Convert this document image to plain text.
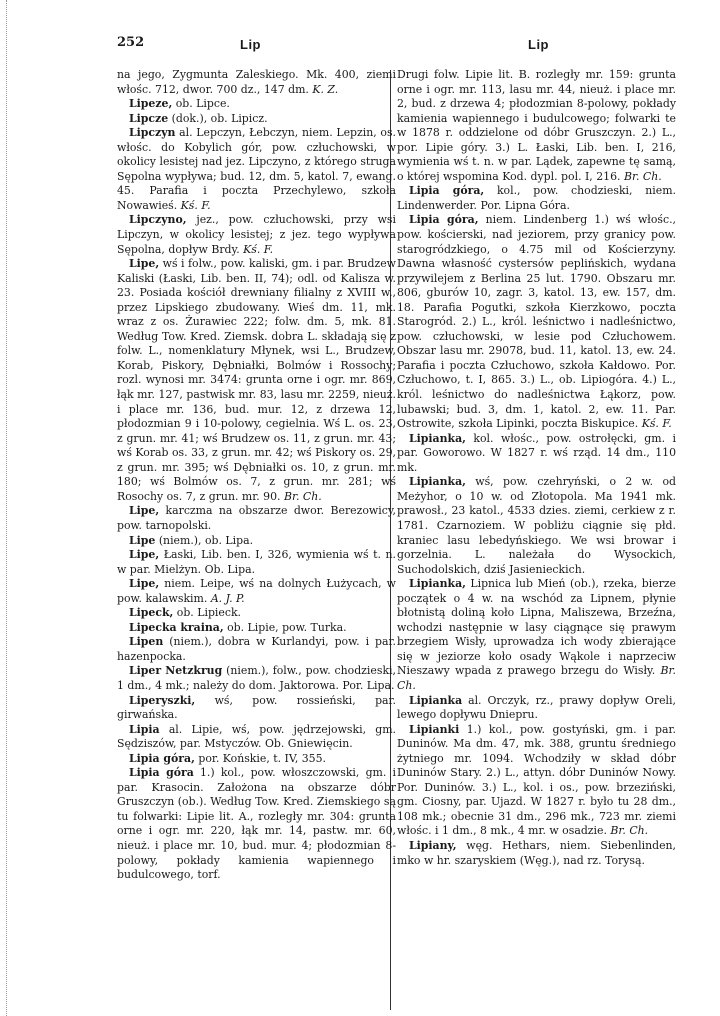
252	Lip	Lip

na jego, Zygmunta Zaleskiego. Mk. 400, ziemi włośc. 712, dwor. 700 dz., 147 dm. K. Z.

Lipeze, ob. Lipce.

Lipcze (dok.), ob. Lipicz.

Lipczyn al. Lepczyn, Łebczyn, niem. Lepzin, os. włośc. do Kobylich gór, pow. człuchowski, w okolicy lesistej nad jez. Lipczyno, z którego struga Sępolna wypływa; bud. 12, dm. 5, katol. 7, ewang. 45. Parafia i poczta Przechylewo, szkoła Nowawieś. Kś. F.

Lipczyno, jez., pow. człuchowski, przy wsi Lipczyn, w okolicy lesistej; z jez. tego wypływa Sępolna, dopływ Brdy. Kś. F.

Lipe, wś i folw., pow. kaliski, gm. i par. Brudzew Kaliski (Łaski, Lib. ben. II, 74); odl. od Kalisza w. 23. Posiada kościół drewniany filialny z XVIII w., przez Lipskiego zbudowany. Wieś dm. 11, mk. wraz z os. Żurawiec 222; folw. dm. 5, mk. 81. Według Tow. Kred. Ziemsk. dobra L. składają się z folw. L., nomenklatury Młynek, wsi L., Brudzew, Korab, Piskory, Dębniałki, Bolmów i Rossochy; rozl. wynosi mr. 3474: grunta orne i ogr. mr. 869, łąk mr. 127, pastwisk mr. 83, lasu mr. 2259, nieuż. i place mr. 136, bud. mur. 12, z drzewa 12, płodozmian 9 i 10-polowy, cegielnia. Wś L. os. 23, z grun. mr. 41; wś Brudzew os. 11, z grun. mr. 43; wś Korab os. 33, z grun. mr. 42; wś Piskory os. 29, z grun. mr. 395; wś Dębniałki os. 10, z grun. mr. 180; wś Bolmów os. 7, z grun. mr. 281; wś Rosochy os. 7, z grun. mr. 90. Br. Ch.

Lipe, karczma na obszarze dwor. Berezowicy, pow. tarnopolski.

Lipe (niem.), ob. Lipa.

Lipe, Łaski, Lib. ben. I, 326, wymienia wś t. n. w par. Mielżyn. Ob. Lipa.

Lipe, niem. Leipe, wś na dolnych Łużycach, w pow. kalawskim. A. J. P.

Lipeck, ob. Lipieck.

Lipecka kraina, ob. Lipie, pow. Turka.

Lipen (niem.), dobra w Kurlandyi, pow. i par. hazenpocka.

Liper Netzkrug (niem.), folw., pow. chodzieski, 1 dm., 4 mk.; należy do dom. Jaktorowa. Por. Lipa.

Liperyszki, wś, pow. rossieński, par. girwańska.

Lipia al. Lipie, wś, pow. jędrzejowski, gm. Sędziszów, par. Mstyczów. Ob. Gniewięcin.

Lipia góra, por. Końskie, t. IV, 355.

Lipia góra 1.) kol., pow. włoszczowski, gm. i par. Krasocin. Założona na obszarze dóbr Gruszczyn (ob.). Według Tow. Kred. Ziemskiego są tu folwarki: Lipie lit. A., rozległy mr. 304: grunta orne i ogr. mr. 220, łąk mr. 14, pastw. mr. 60, nieuż. i place mr. 10, bud. mur. 4; płodozmian 8-polowy, pokłady kamienia wapiennego i budulcowego, torf.

Drugi folw. Lipie lit. B. rozległy mr. 159: grunta orne i ogr. mr. 113, lasu mr. 44, nieuż. i place mr. 2, bud. z drzewa 4; płodozmian 8-polowy, pokłady kamienia wapiennego i budulcowego; folwarki te w 1878 r. oddzielone od dóbr Gruszczyn. 2.) L., por. Lipie góry. 3.) L. Łaski, Lib. ben. I, 216, wymienia wś t. n. w par. Lądek, zapewne tę samą, o której wspomina Kod. dypl. pol. I, 216. Br. Ch.

Lipia góra, kol., pow. chodzieski, niem. Lindenwerder. Por. Lipna Góra.

Lipia góra, niem. Lindenberg 1.) wś włośc., pow. kościerski, nad jeziorem, przy granicy pow. starogródzkiego, o 4.75 mil od Kościerzyny. Dawna własność cystersów peplińskich, wydana przywilejem z Berlina 25 lut. 1790. Obszaru mr. 806, gburów 10, zagr. 3, katol. 13, ew. 157, dm. 18. Parafia Pogutki, szkoła Kierzkowo, poczta Starogród. 2.) L., król. leśnictwo i nadleśnictwo, pow. człuchowski, w lesie pod Człuchowem. Obszar lasu mr. 29078, bud. 11, katol. 13, ew. 24. Parafia i poczta Człuchowo, szkoła Kałdowo. Por. Człuchowo, t. I, 865. 3.) L., ob. Lipiogóra. 4.) L., król. leśnictwo do nadleśnictwa Łąkorz, pow. lubawski; bud. 3, dm. 1, katol. 2, ew. 11. Par. Ostrowite, szkoła Lipinki, poczta Biskupice. Kś. F.

Lipianka, kol. włośc., pow. ostrołęcki, gm. i par. Goworowo. W 1827 r. wś rząd. 14 dm., 110 mk.

Lipianka, wś, pow. czehryński, o 2 w. od Meżyhor, o 10 w. od Złotopola. Ma 1941 mk. prawosł., 23 katol., 4533 dzies. ziemi, cerkiew z r. 1781. Czarnoziem. W pobliżu ciągnie się płd. kraniec lasu lebedyńskiego. We wsi browar i gorzelnia. L. należała do Wysockich, Suchodolskich, dziś Jasienieckich.

Lipianka, Lipnica lub Mień (ob.), rzeka, bierze początek o 4 w. na wschód za Lipnem, płynie błotnistą doliną koło Lipna, Maliszewa, Brzeźna, wchodzi następnie w lasy ciągnące się prawym brzegiem Wisły, uprowadza ich wody zbierające się w jeziorze koło osady Wąkole i naprzeciw Nieszawy wpada z prawego brzegu do Wisły. Br. Ch.

Lipianka al. Orczyk, rz., prawy dopływ Oreli, lewego dopływu Dniepru.

Lipianki 1.) kol., pow. gostyński, gm. i par. Duninów. Ma dm. 47, mk. 388, gruntu średniego żytniego mr. 1094. Wchodziły w skład dóbr Duninów Stary. 2.) L., attyn. dóbr Duninów Nowy. Por. Duninów. 3.) L., kol. i os., pow. brzeziński, gm. Ciosny, par. Ujazd. W 1827 r. było tu 28 dm., 108 mk.; obecnie 31 dm., 296 mk., 723 mr. ziemi włośc. i 1 dm., 8 mk., 4 mr. w osadzie. Br. Ch.

Lipiany, węg. Hethars, niem. Siebenlinden, mko w hr. szaryskiem (Węg.), nad rz. Torysą.
